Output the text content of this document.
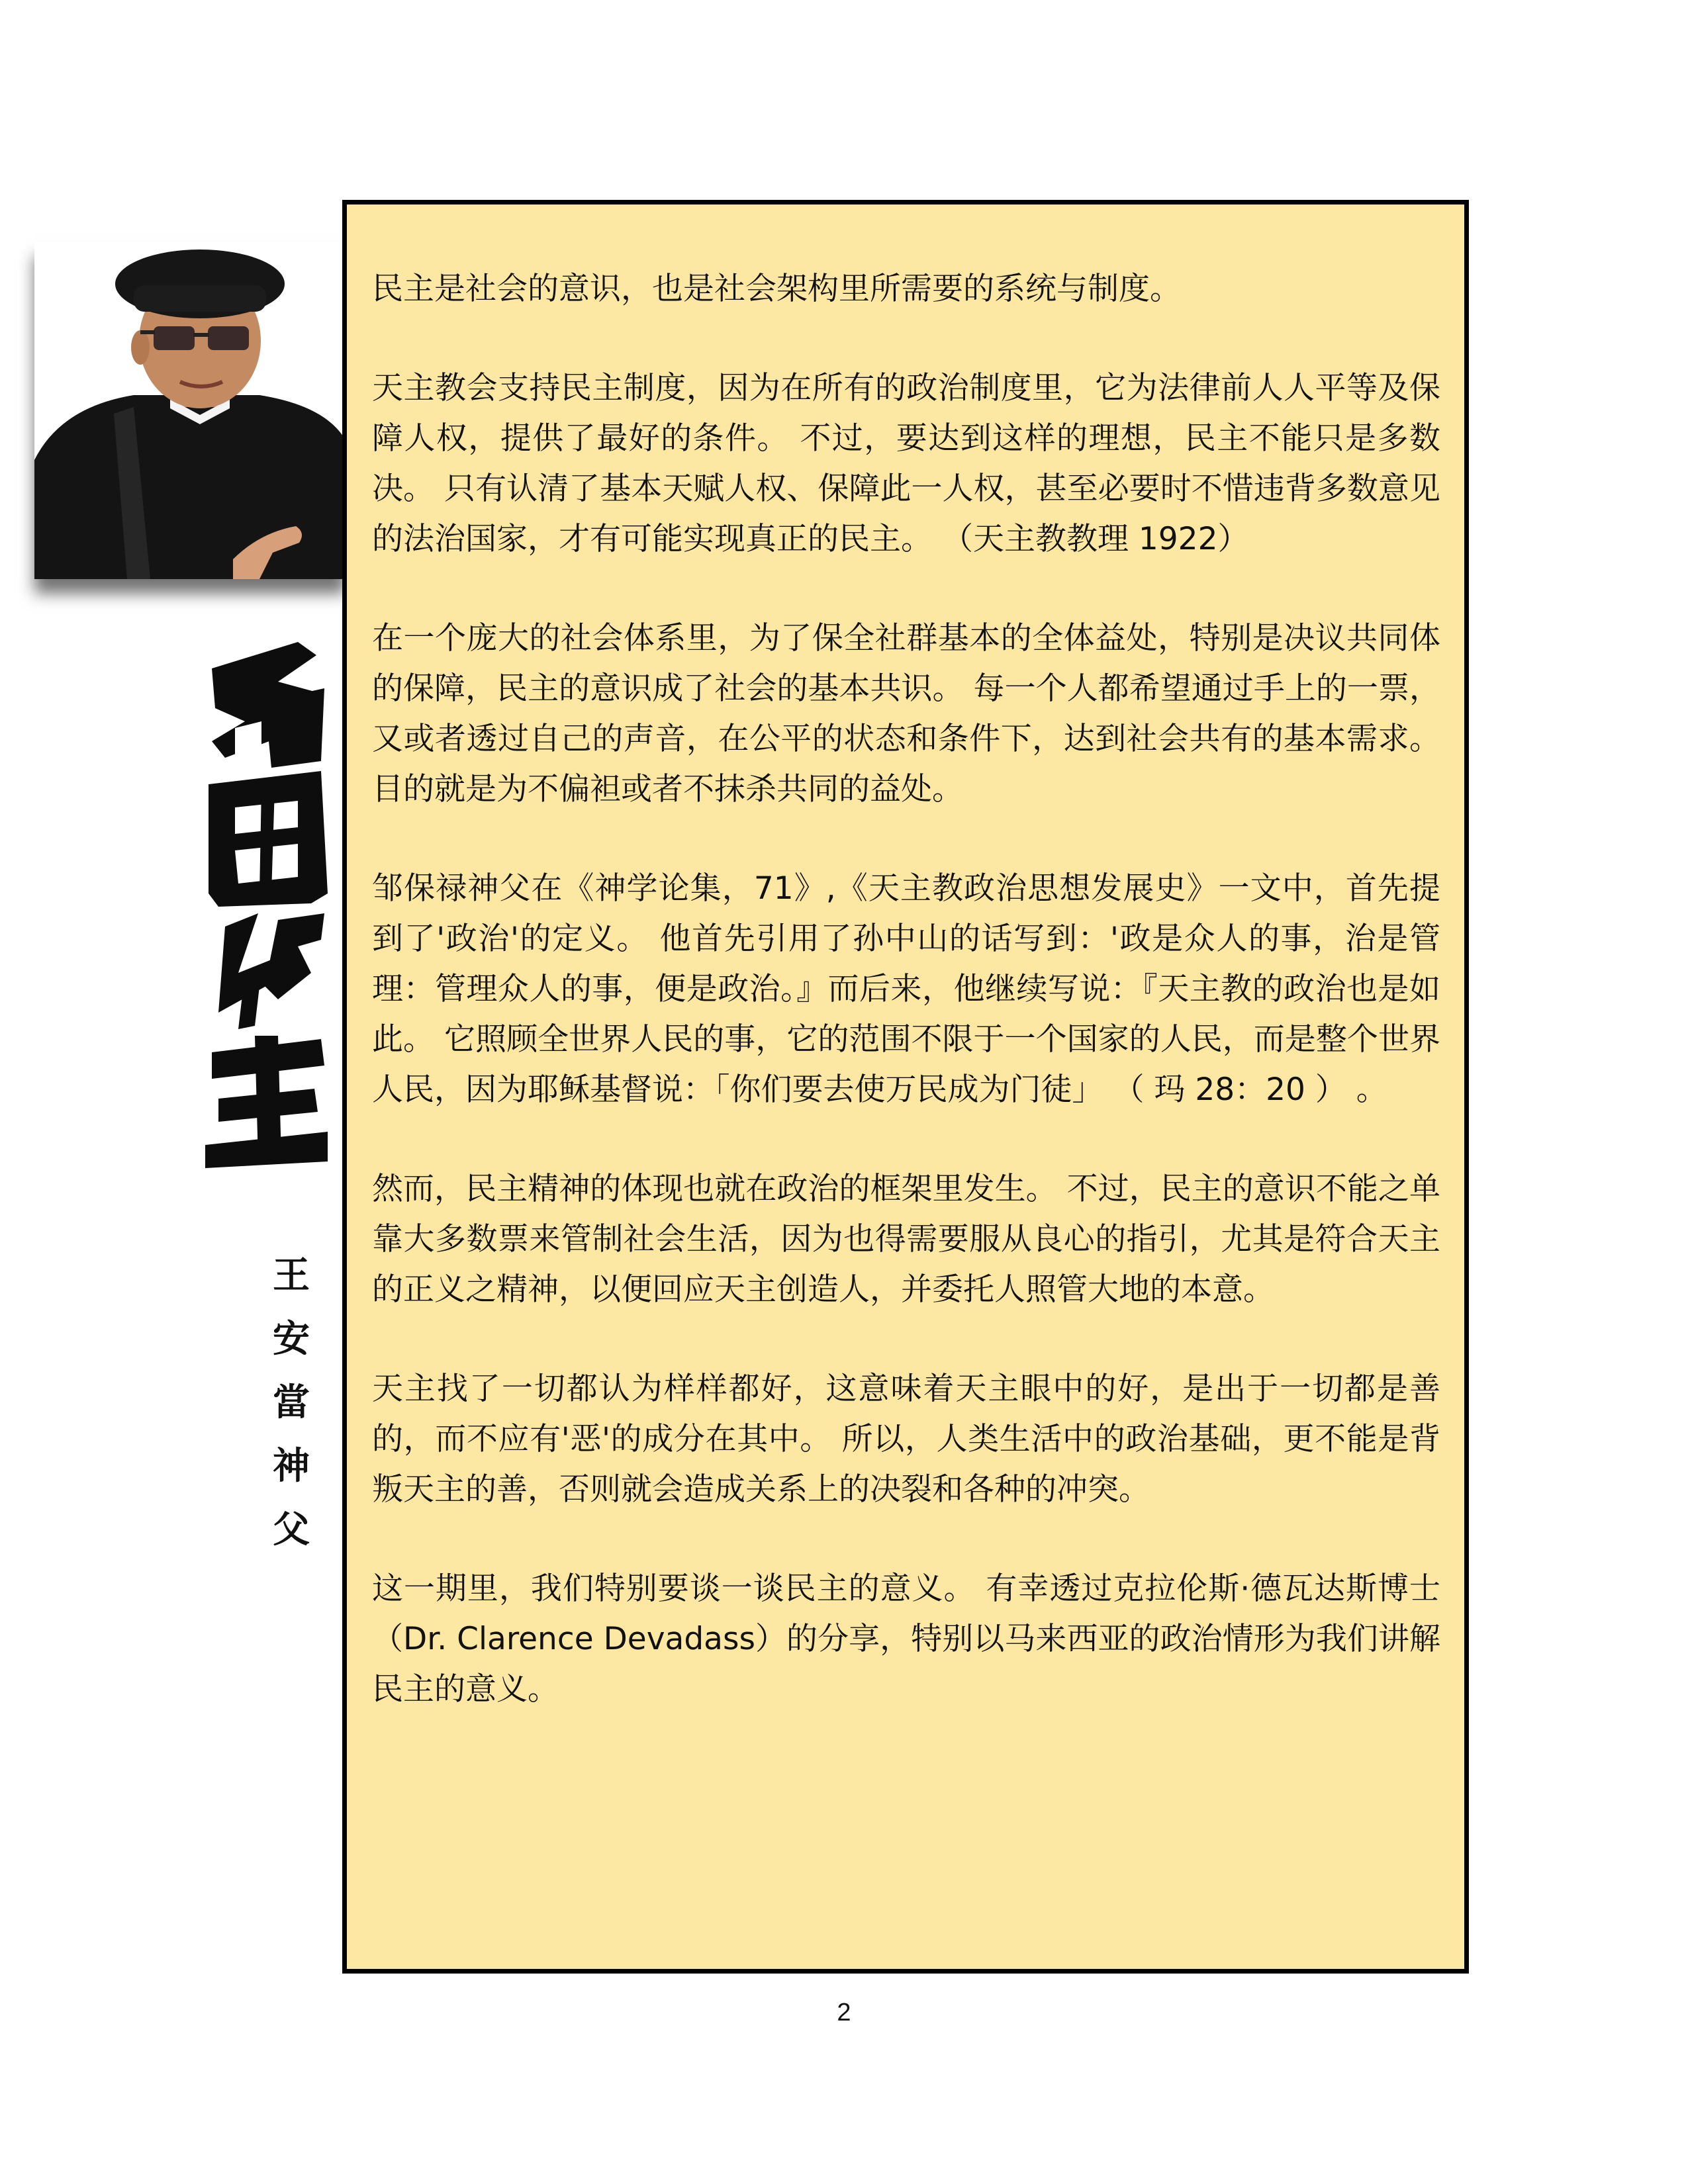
王
安
當
神
父

民主是社会的意识，也是社会架构里所需要的系统与制度。

天主教会支持民主制度，因为在所有的政治制度里，它为法律前人人平等及保障人权，提供了最好的条件。 不过，要达到这样的理想，民主不能只是多数决。 只有认清了基本天赋人权、保障此一人权，甚至必要时不惜违背多数意见的法治国家，才有可能实现真正的民主。 （天主教教理 1922）

在一个庞大的社会体系里，为了保全社群基本的全体益处，特别是决议共同体的保障，民主的意识成了社会的基本共识。 每一个人都希望通过手上的一票，又或者透过自己的声音，在公平的状态和条件下，达到社会共有的基本需求。 目的就是为不偏袒或者不抹杀共同的益处。

邹保禄神父在《神学论集，71》,《天主教政治思想发展史》一文中，首先提到了'政治'的定义。 他首先引用了孙中山的话写到：'政是众人的事，治是管理：管理众人的事，便是政治。』而后来，他继续写说：『天主教的政治也是如此。 它照顾全世界人民的事，它的范围不限于一个国家的人民，而是整个世界人民，因为耶稣基督说：「你们要去使万民成为门徒」 （ 玛 28：20 ） 。

然而，民主精神的体现也就在政治的框架里发生。 不过，民主的意识不能之单靠大多数票来管制社会生活，因为也得需要服从良心的指引，尤其是符合天主的正义之精神，以便回应天主创造人，并委托人照管大地的本意。

天主找了一切都认为样样都好，这意味着天主眼中的好，是出于一切都是善的，而不应有'恶'的成分在其中。 所以，人类生活中的政治基础，更不能是背叛天主的善，否则就会造成关系上的决裂和各种的冲突。

这一期里，我们特别要谈一谈民主的意义。 有幸透过克拉伦斯·德瓦达斯博士（Dr. Clarence Devadass）的分享，特别以马来西亚的政治情形为我们讲解民主的意义。

2
